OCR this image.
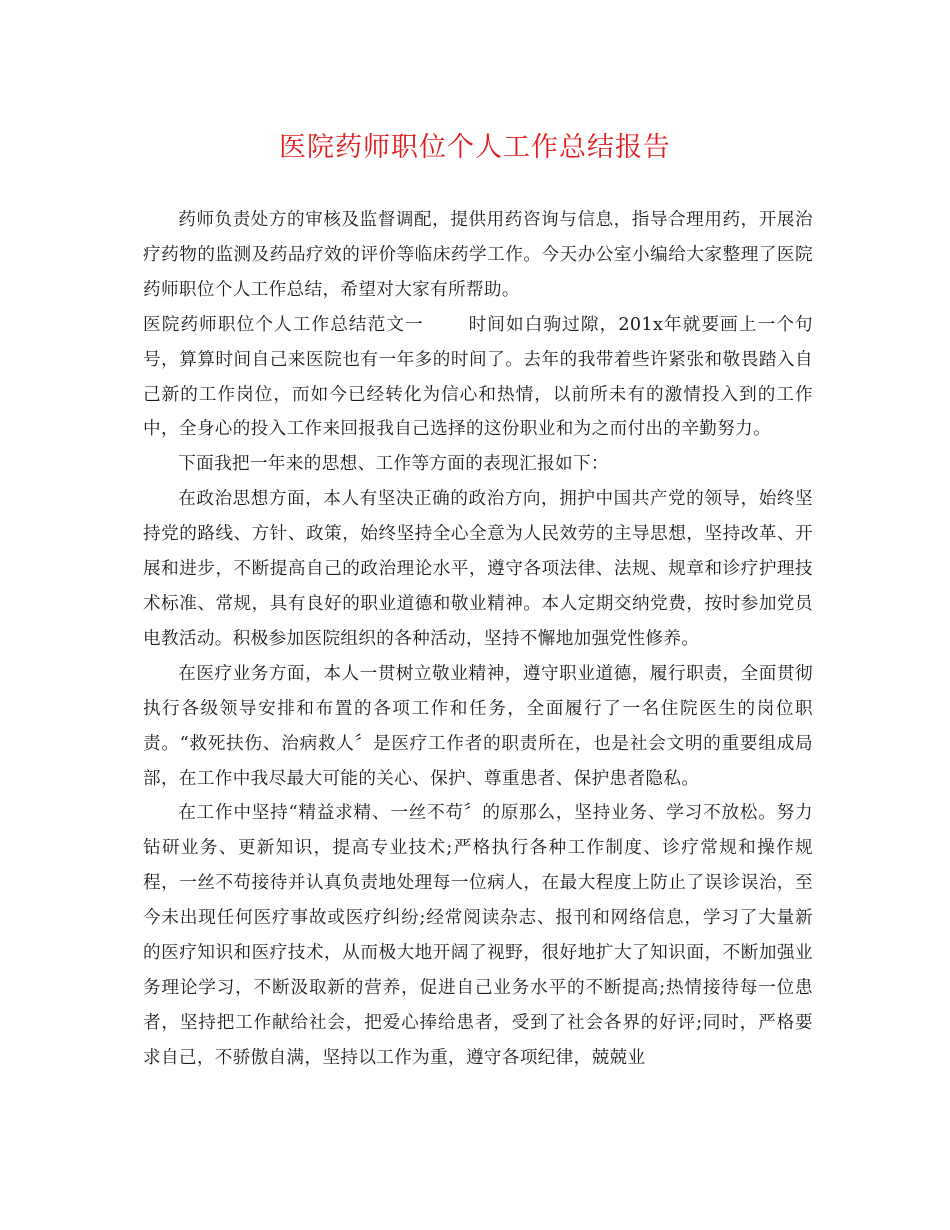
医院药师职位个人工作总结报告

药师负责处方的审核及监督调配，提供用药咨询与信息，指导合理用药，开展治疗药物的监测及药品疗效的评价等临床药学工作。今天办公室小编给大家整理了医院药师职位个人工作总结，希望对大家有所帮助。

医院药师职位个人工作总结范文一	时间如白驹过隙，201x年就要画上一个句号，算算时间自己来医院也有一年多的时间了。去年的我带着些许紧张和敬畏踏入自己新的工作岗位，而如今已经转化为信心和热情，以前所未有的激情投入到的工作中，全身心的投入工作来回报我自己选择的这份职业和为之而付出的辛勤努力。

下面我把一年来的思想、工作等方面的表现汇报如下：

在政治思想方面，本人有坚决正确的政治方向，拥护中国共产党的领导，始终坚持党的路线、方针、政策，始终坚持全心全意为人民效劳的主导思想，坚持改革、开展和进步，不断提高自己的政治理论水平，遵守各项法律、法规、规章和诊疗护理技术标准、常规，具有良好的职业道德和敬业精神。本人定期交纳党费，按时参加党员电教活动。积极参加医院组织的各种活动，坚持不懈地加强党性修养。

在医疗业务方面，本人一贯树立敬业精神，遵守职业道德，履行职责，全面贯彻执行各级领导安排和布置的各项工作和任务，全面履行了一名住院医生的岗位职责。“救死扶伤、治病救人〞是医疗工作者的职责所在，也是社会文明的重要组成局部，在工作中我尽最大可能的关心、保护、尊重患者、保护患者隐私。

在工作中坚持“精益求精、一丝不苟〞的原那么，坚持业务、学习不放松。努力钻研业务、更新知识，提高专业技术;严格执行各种工作制度、诊疗常规和操作规程，一丝不苟接待并认真负责地处理每一位病人，在最大程度上防止了误诊误治，至今未出现任何医疗事故或医疗纠纷;经常阅读杂志、报刊和网络信息，学习了大量新的医疗知识和医疗技术，从而极大地开阔了视野，很好地扩大了知识面，不断加强业务理论学习，不断汲取新的营养，促进自己业务水平的不断提高;热情接待每一位患者，坚持把工作献给社会，把爱心捧给患者，受到了社会各界的好评;同时，严格要求自己，不骄傲自满，坚持以工作为重，遵守各项纪律，兢兢业
